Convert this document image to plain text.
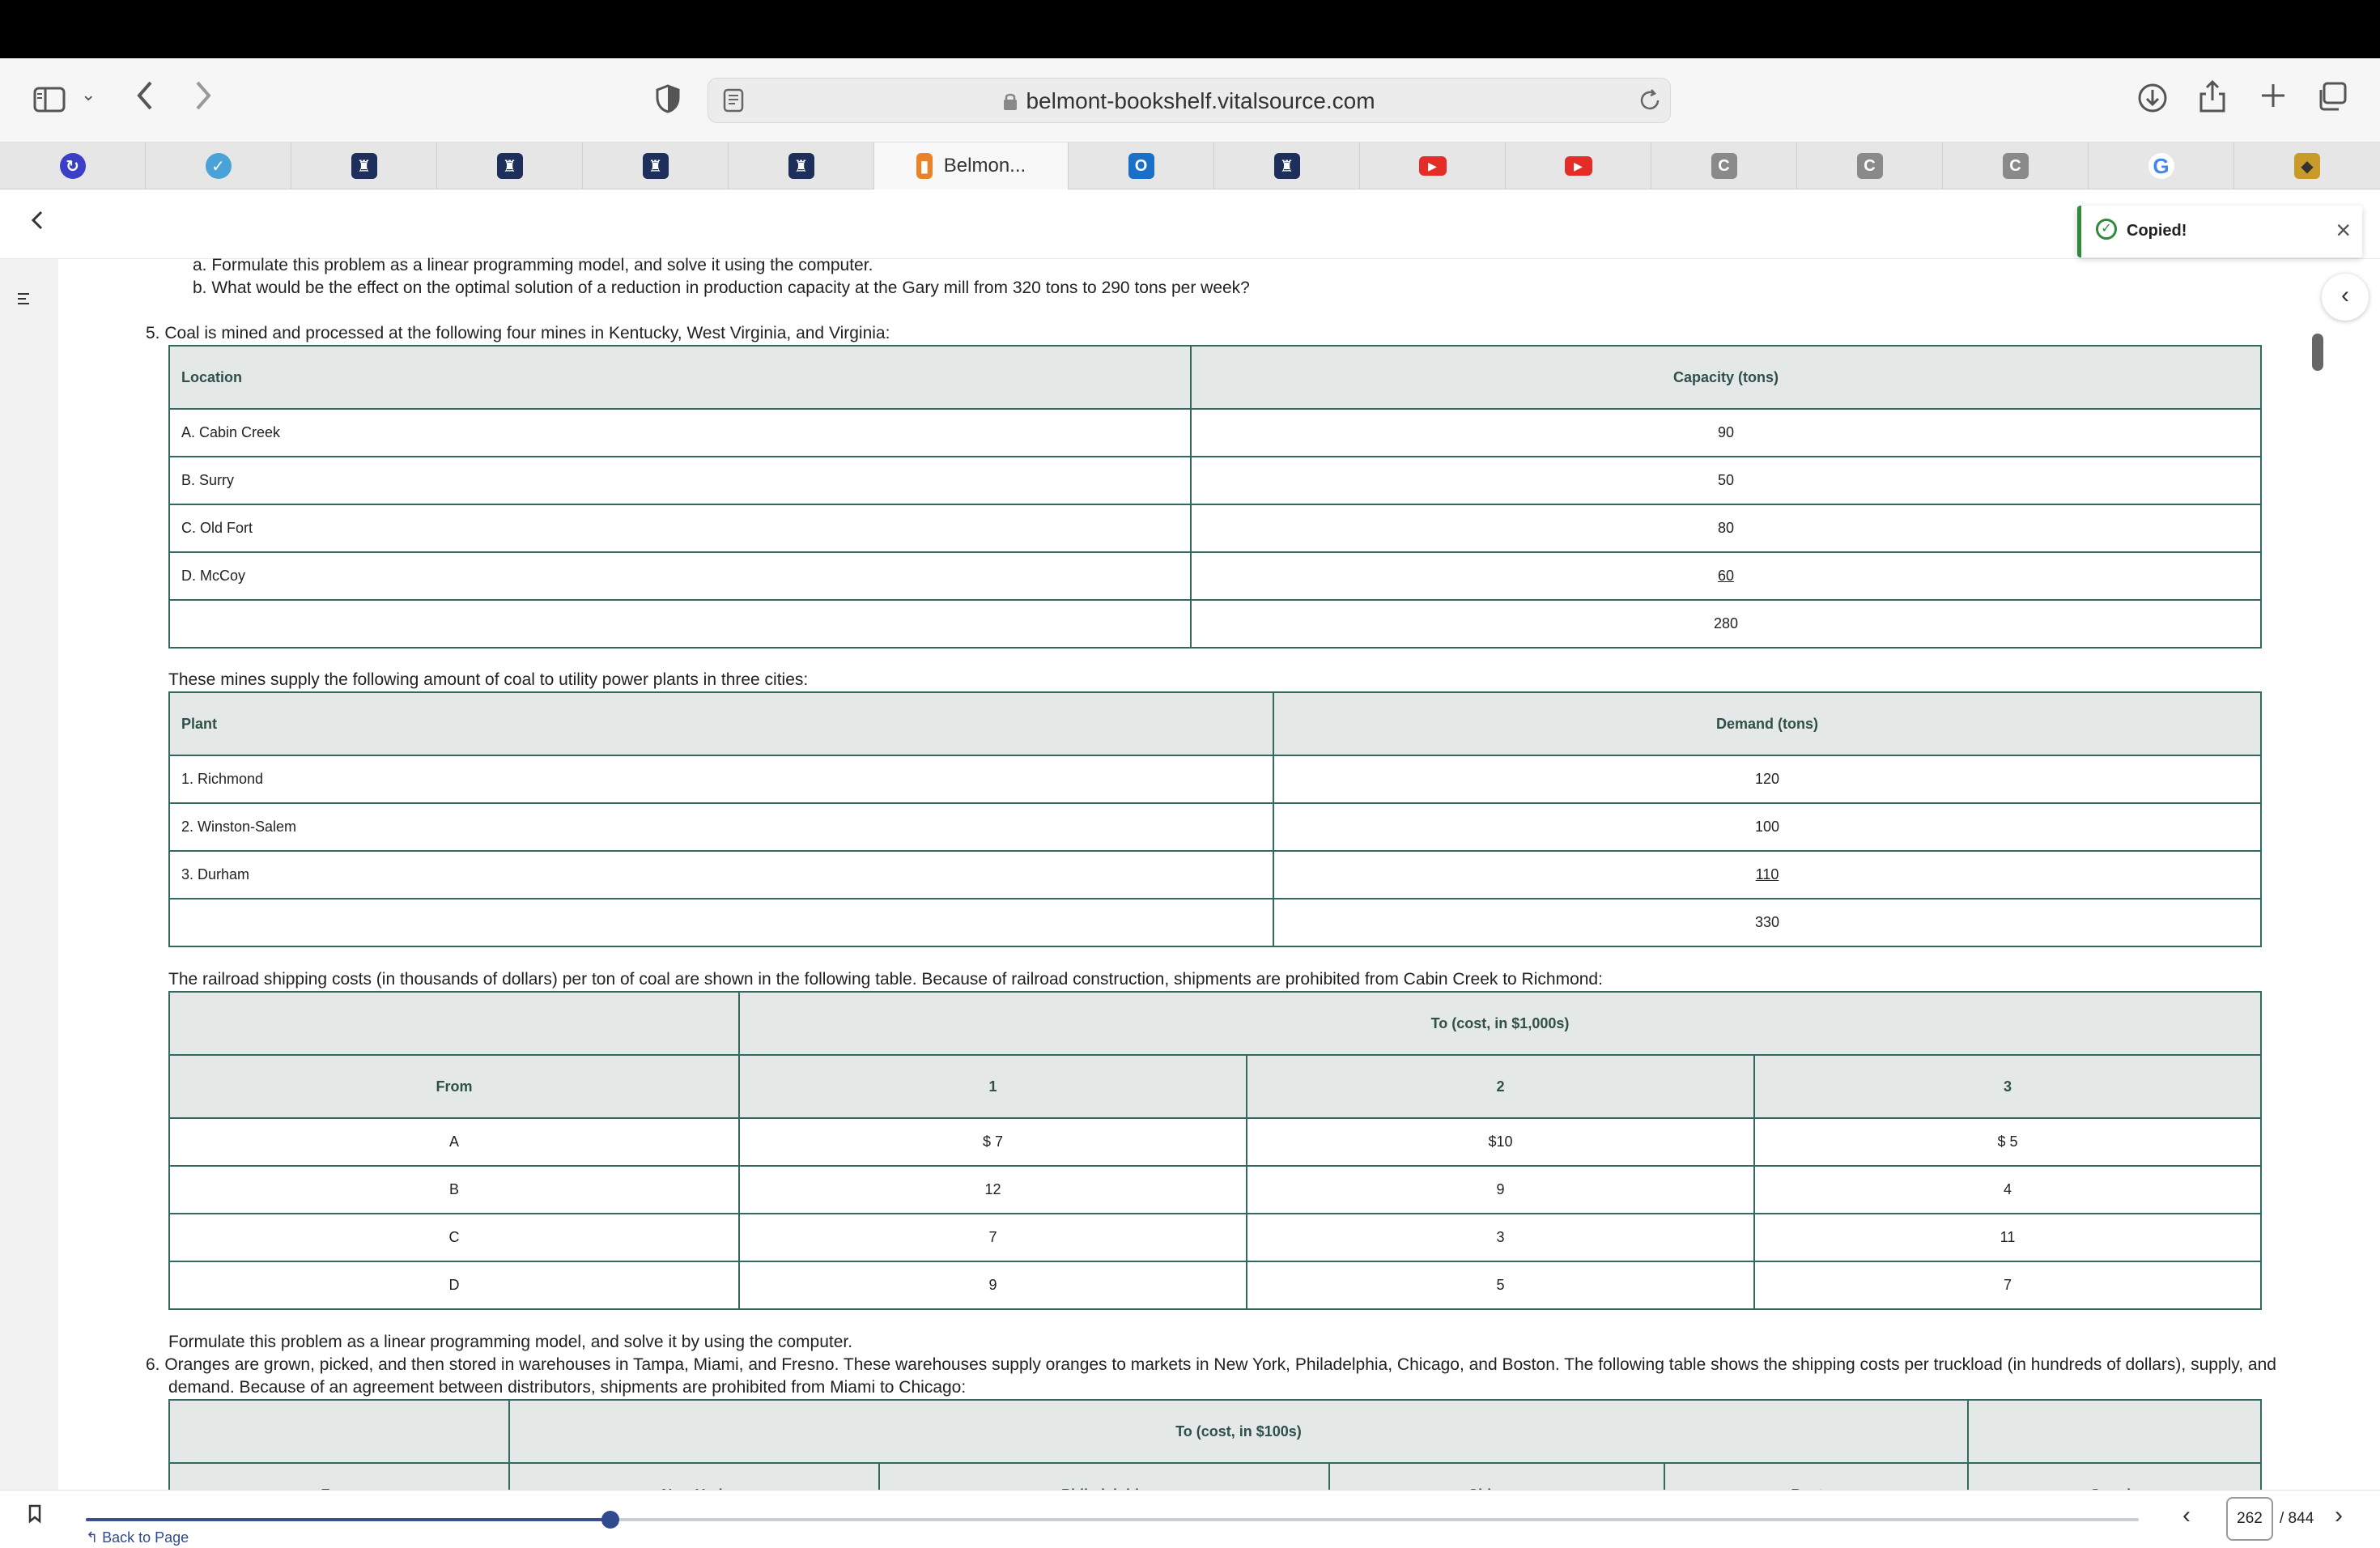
⌄	belmont-bookshelf.vitalsource.com
↻	✓	♜	♜	♜	♜	▮ Belmon...	O	♜	▶	▶	C	C	C	G	◆
✓ Copied!	×
a. Formulate this problem as a linear programming model, and solve it using the computer.
b. What would be the effect on the optimal solution of a reduction in production capacity at the Gary mill from 320 tons to 290 tons per week?
5. Coal is mined and processed at the following four mines in Kentucky, West Virginia, and Virginia:
Location	Capacity (tons)
A. Cabin Creek	90
B. Surry	50
C. Old Fort	80
D. McCoy	60
	280
These mines supply the following amount of coal to utility power plants in three cities:
Plant	Demand (tons)
1. Richmond	120
2. Winston-Salem	100
3. Durham	110
	330
The railroad shipping costs (in thousands of dollars) per ton of coal are shown in the following table. Because of railroad construction, shipments are prohibited from Cabin Creek to Richmond:
	To (cost, in $1,000s)		
From	1	2	3
A	$ 7	$10	$ 5
B	12	9	4
C	7	3	11
D	9	5	7
Formulate this problem as a linear programming model, and solve it by using the computer.
6. Oranges are grown, picked, and then stored in warehouses in Tampa, Miami, and Fresno. These warehouses supply oranges to markets in New York, Philadelphia, Chicago, and Boston. The following table shows the shipping costs per truckload (in hundreds of dollars), supply, and
demand. Because of an agreement between distributors, shipments are prohibited from Miami to Chicago:
	To (cost, in $100s)				

‹
↰ Back to Page
‹	262	/ 844 ›
